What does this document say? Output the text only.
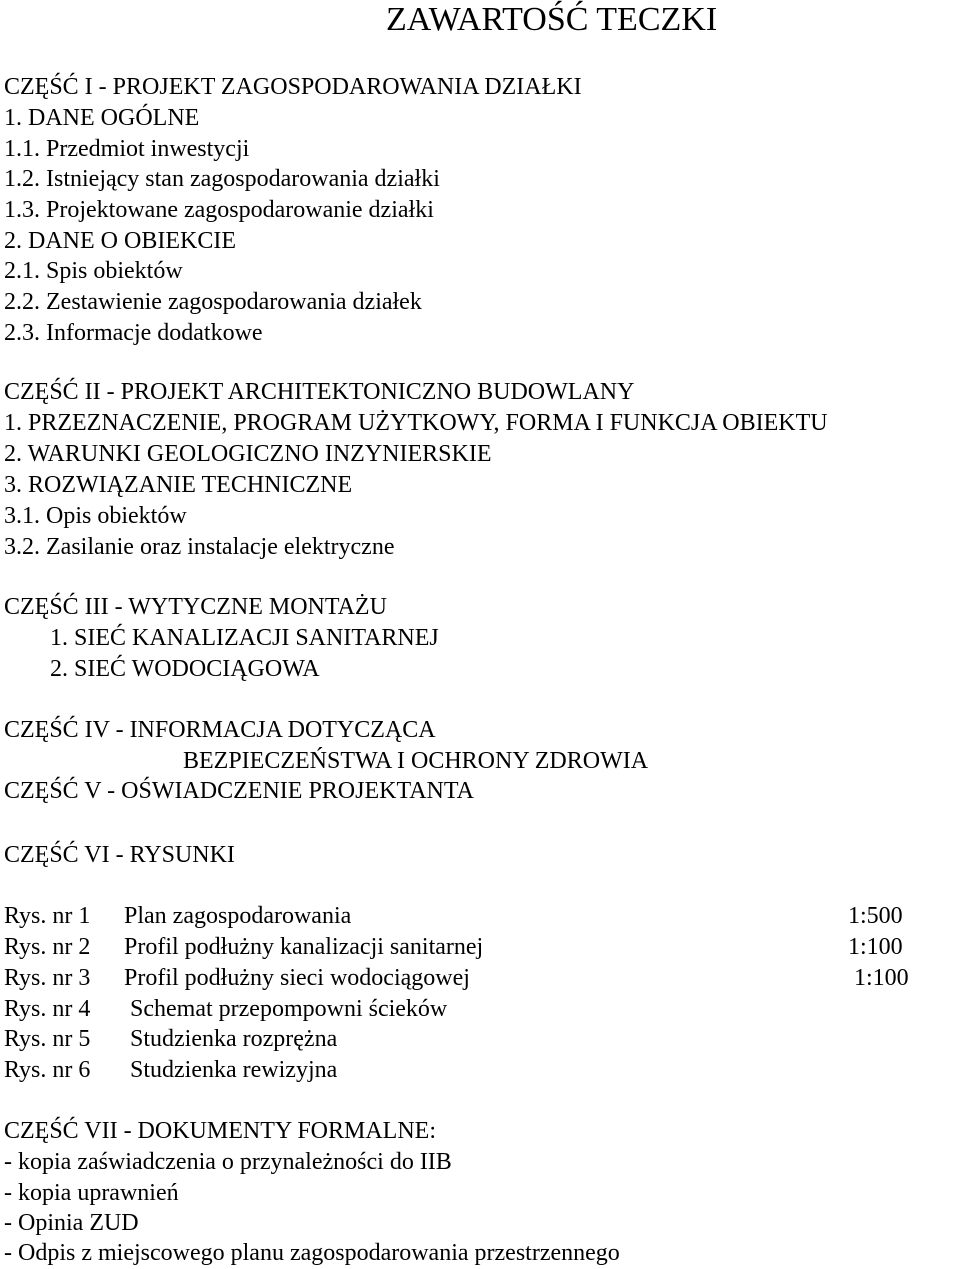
ZAWARTOŚĆ TECZKI
CZĘŚĆ I - PROJEKT ZAGOSPODAROWANIA DZIAŁKI
1. DANE OGÓLNE
1.1. Przedmiot inwestycji
1.2. Istniejący stan zagospodarowania działki
1.3. Projektowane zagospodarowanie działki
2. DANE O OBIEKCIE
2.1. Spis obiektów
2.2. Zestawienie zagospodarowania działek
2.3. Informacje dodatkowe
CZĘŚĆ II - PROJEKT ARCHITEKTONICZNO BUDOWLANY
1. PRZEZNACZENIE, PROGRAM UŻYTKOWY, FORMA I FUNKCJA OBIEKTU
2. WARUNKI GEOLOGICZNO INZYNIERSKIE
3. ROZWIĄZANIE TECHNICZNE
3.1. Opis obiektów
3.2. Zasilanie oraz instalacje elektryczne
CZĘŚĆ III - WYTYCZNE MONTAŻU
1. SIEĆ KANALIZACJI SANITARNEJ
2. SIEĆ WODOCIĄGOWA
CZĘŚĆ IV - INFORMACJA DOTYCZĄCA
BEZPIECZEŃSTWA I OCHRONY ZDROWIA
CZĘŚĆ V - OŚWIADCZENIE PROJEKTANTA
CZĘŚĆ VI - RYSUNKI
Rys. nr 1 Plan zagospodarowania	1:500
Rys. nr 2 Profil podłużny kanalizacji sanitarnej	1:100
Rys. nr 3 Profil podłużny sieci wodociągowej	1:100
Rys. nr 4 Schemat przepompowni ścieków
Rys. nr 5 Studzienka rozprężna
Rys. nr 6 Studzienka rewizyjna
CZĘŚĆ VII - DOKUMENTY FORMALNE:
- kopia zaświadczenia o przynależności do IIB
- kopia uprawnień
- Opinia ZUD
- Odpis z miejscowego planu zagospodarowania przestrzennego
